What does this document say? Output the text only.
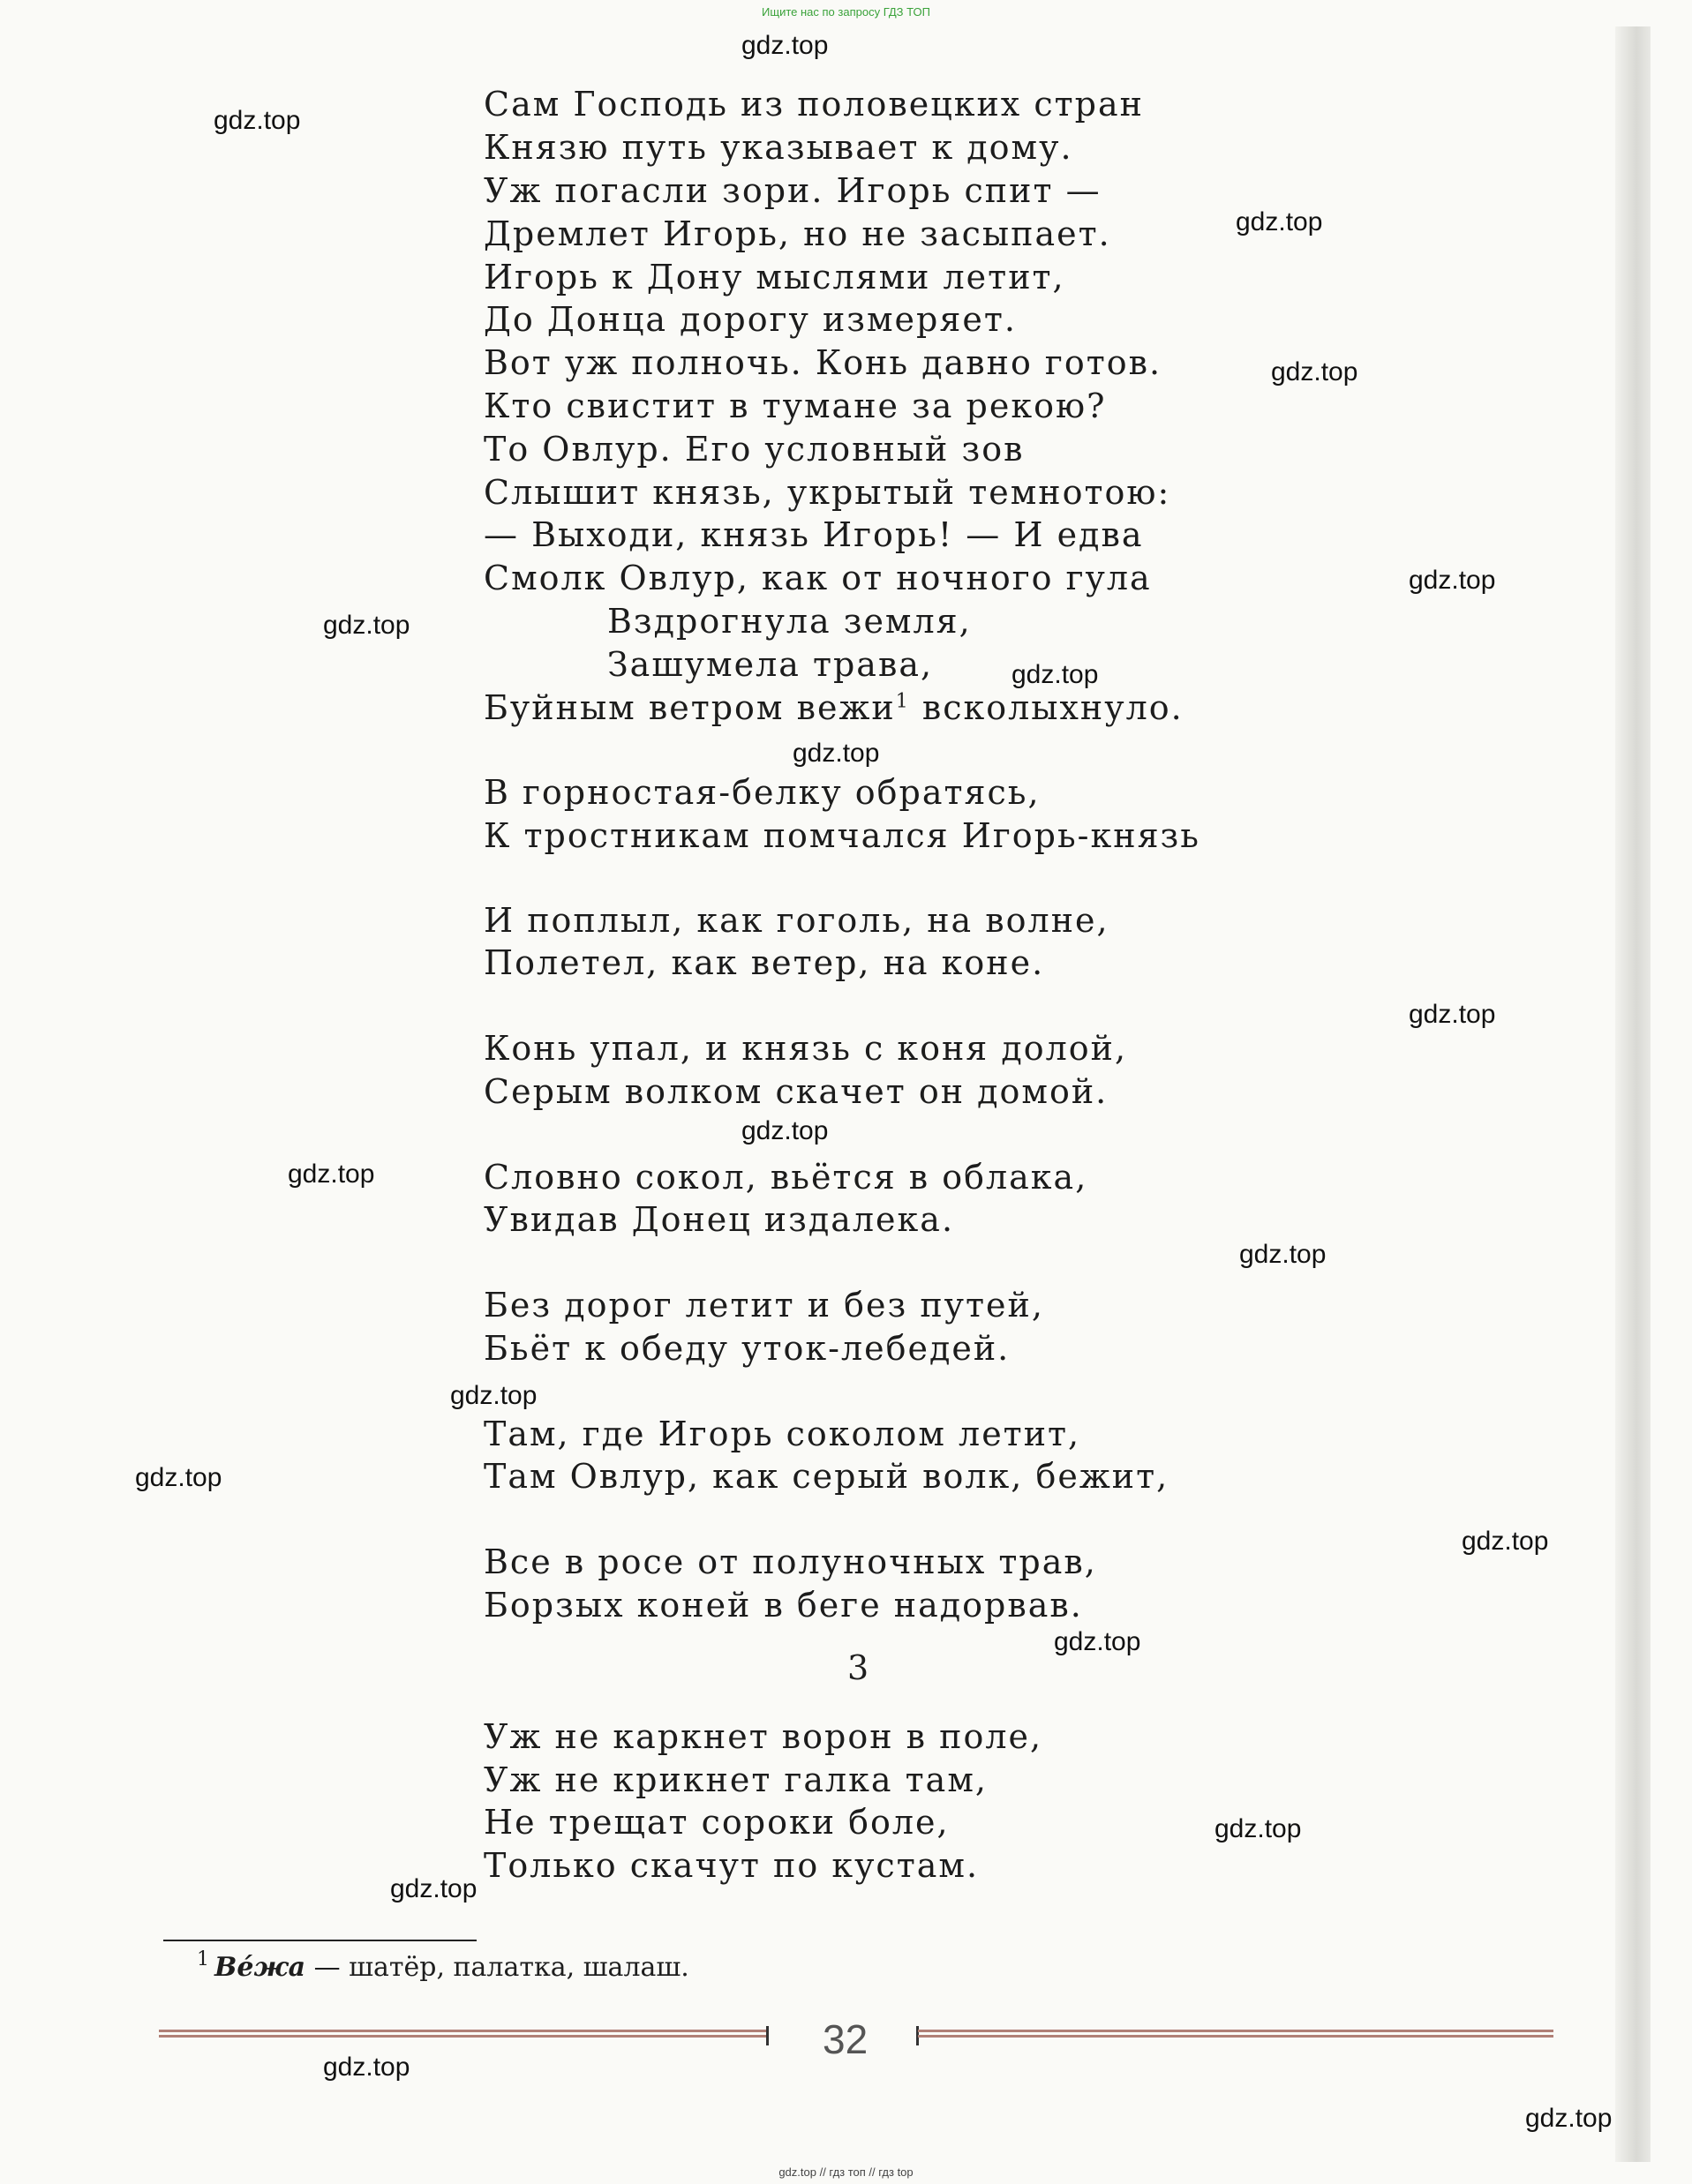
Ищите нас по запросу ГДЗ ТОП
gdz.top
gdz.top
gdz.top
gdz.top
gdz.top
gdz.top
gdz.top
gdz.top
gdz.top
gdz.top
gdz.top
gdz.top
gdz.top
gdz.top
gdz.top
gdz.top
gdz.top
gdz.top
gdz.top
gdz.top
Сам Господь из половецких стран
Князю путь указывает к дому.
Уж погасли зори. Игорь спит —
Дремлет Игорь, но не засыпает.
Игорь к Дону мыслями летит,
До Донца дорогу измеряет.
Вот уж полночь. Конь давно готов.
Кто свистит в тумане за рекою?
То Овлур. Его условный зов
Слышит князь, укрытый темнотою:
— Выходи, князь Игорь! — И едва
Смолк Овлур, как от ночного гула
Вздрогнула земля,
Зашумела трава,
Буйным ветром вежи$^1$ всколыхнуло.
В горностая-белку обратясь,
К тростникам помчался Игорь-князь
И поплыл, как гоголь, на волне,
Полетел, как ветер, на коне.
Конь упал, и князь с коня долой,
Серым волком скачет он домой.
Словно сокол, вьётся в облака,
Увидав Донец издалека.
Без дорог летит и без путей,
Бьёт к обеду уток-лебедей.
Там, где Игорь соколом летит,
Там Овлур, как серый волк, бежит,
Все в росе от полуночных трав,
Борзых коней в беге надорвав.
3
Уж не каркнет ворон в поле,
Уж не крикнет галка там,
Не трещат сороки боле,
Только скачут по кустам.
1 Вéжа — шатёр, палатка, шалаш.
32
gdz.top // гдз топ // гдз top
